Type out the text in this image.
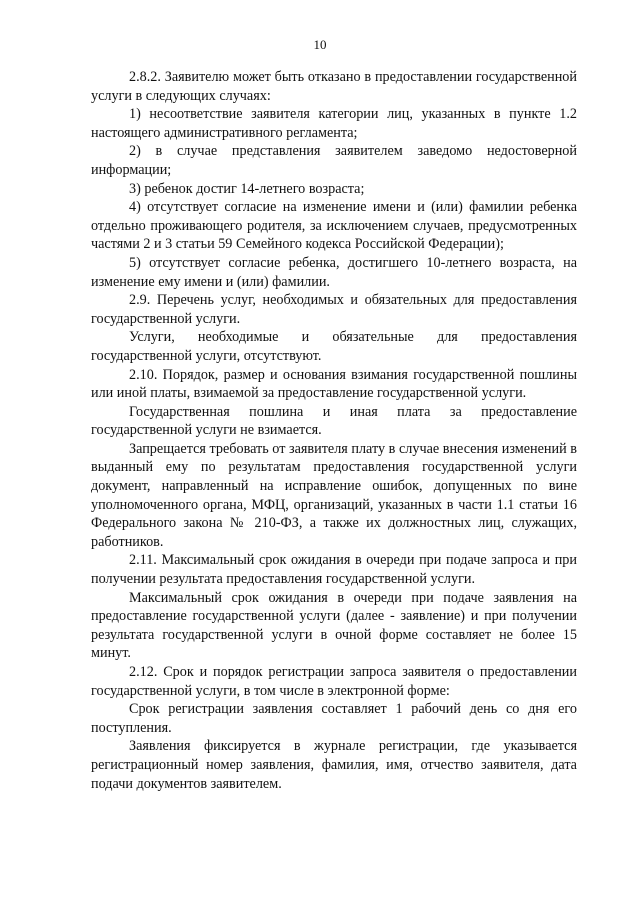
10

2.8.2. Заявителю может быть отказано в предоставлении государственной услуги в следующих случаях:

1) несоответствие заявителя категории лиц, указанных в пункте 1.2 настоящего административного регламента;

2) в случае представления заявителем заведомо недостоверной информации;

3) ребенок достиг 14-летнего возраста;

4) отсутствует согласие на изменение имени и (или) фамилии ребенка отдельно проживающего родителя, за исключением случаев, предусмотренных частями 2 и 3 статьи 59 Семейного кодекса Российской Федерации);

5) отсутствует согласие ребенка, достигшего 10-летнего возраста, на изменение ему имени и (или) фамилии.

2.9. Перечень услуг, необходимых и обязательных для предоставления государственной услуги.

Услуги, необходимые и обязательные для предоставления государственной услуги, отсутствуют.

2.10. Порядок, размер и основания взимания государственной пошлины или иной платы, взимаемой за предоставление государственной услуги.

Государственная пошлина и иная плата за предоставление государственной услуги не взимается.

Запрещается требовать от заявителя плату в случае внесения изменений в выданный ему по результатам предоставления государственной услуги документ, направленный на исправление ошибок, допущенных по вине уполномоченного органа, МФЦ, организаций, указанных в части 1.1 статьи 16 Федерального закона № 210-ФЗ, а также их должностных лиц, служащих, работников.

2.11. Максимальный срок ожидания в очереди при подаче запроса и при получении результата предоставления государственной услуги.

Максимальный срок ожидания в очереди при подаче заявления на предоставление государственной услуги (далее - заявление) и при получении результата государственной услуги в очной форме составляет не более 15 минут.

2.12. Срок и порядок регистрации запроса заявителя о предоставлении государственной услуги, в том числе в электронной форме:

Срок регистрации заявления составляет 1 рабочий день со дня его поступления.

Заявления фиксируется в журнале регистрации, где указывается регистрационный номер заявления, фамилия, имя, отчество заявителя, дата подачи документов заявителем.
